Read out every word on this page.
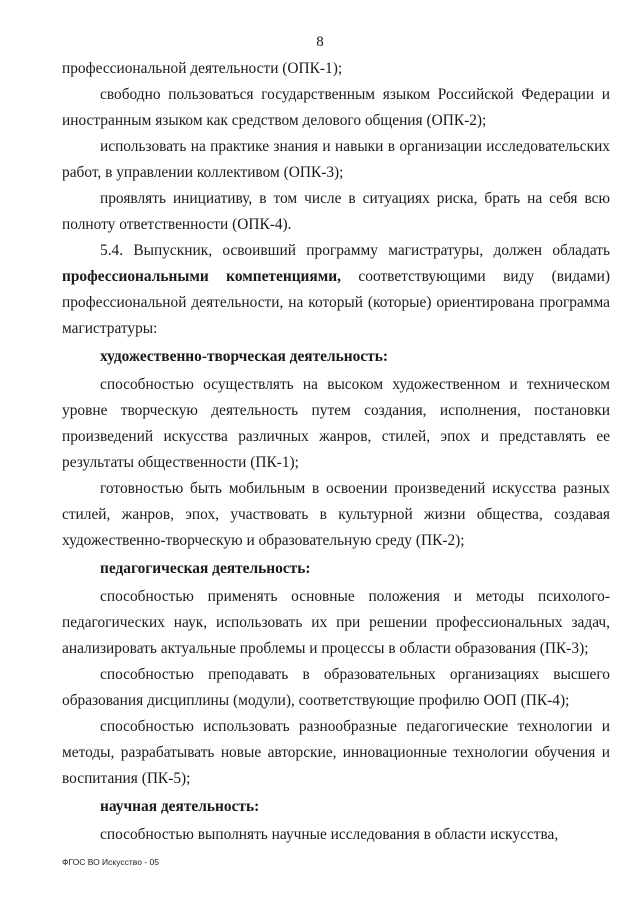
8

профессиональной деятельности (ОПК-1);

свободно пользоваться государственным языком Российской Федерации и иностранным языком как средством делового общения (ОПК-2);

использовать на практике знания и навыки в организации исследовательских работ, в управлении коллективом (ОПК-3);

проявлять инициативу, в том числе в ситуациях риска, брать на себя всю полноту ответственности (ОПК-4).

5.4. Выпускник, освоивший программу магистратуры, должен обладать профессиональными компетенциями, соответствующими виду (видами) профессиональной деятельности, на который (которые) ориентирована программа магистратуры:

художественно-творческая деятельность:

способностью осуществлять на высоком художественном и техническом уровне творческую деятельность путем создания, исполнения, постановки произведений искусства различных жанров, стилей, эпох и представлять ее результаты общественности (ПК-1);

готовностью быть мобильным в освоении произведений искусства разных стилей, жанров, эпох, участвовать в культурной жизни общества, создавая художественно-творческую и образовательную среду (ПК-2);

педагогическая деятельность:

способностью применять основные положения и методы психолого-педагогических наук, использовать их при решении профессиональных задач, анализировать актуальные проблемы и процессы в области образования (ПК-3);

способностью преподавать в образовательных организациях высшего образования дисциплины (модули), соответствующие профилю ООП (ПК-4);

способностью использовать разнообразные педагогические технологии и методы, разрабатывать новые авторские, инновационные технологии обучения и воспитания (ПК-5);

научная деятельность:

способностью выполнять научные исследования в области искусства,

ФГОС ВО Искусство - 05
